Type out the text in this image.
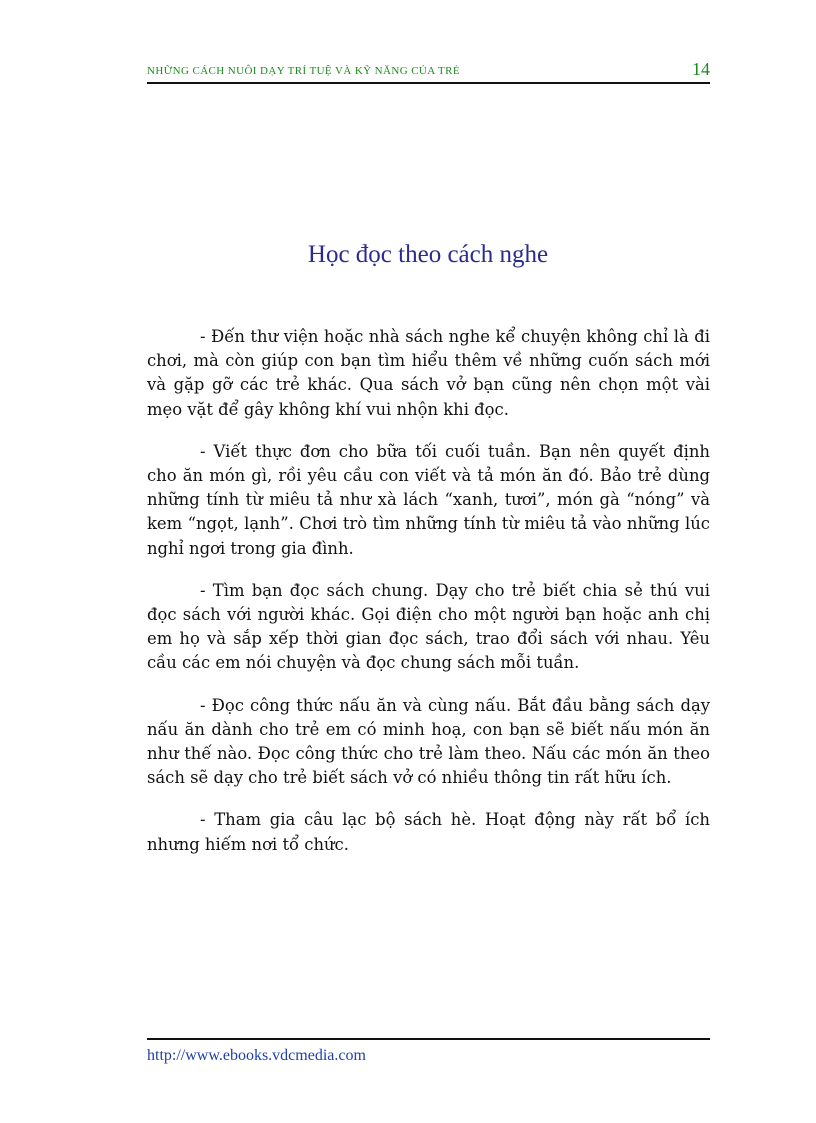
NHỮNG CÁCH NUÔI DẠY TRÍ TUỆ VÀ KỸ NĂNG CỦA TRẺ	14
Học đọc theo cách nghe

- Đến thư viện hoặc nhà sách nghe kể chuyện không chỉ là đi chơi, mà còn giúp con bạn tìm hiểu thêm về những cuốn sách mới và gặp gỡ các trẻ khác. Qua sách vở bạn cũng nên chọn một vài mẹo vặt để gây không khí vui nhộn khi đọc.

- Viết thực đơn cho bữa tối cuối tuần. Bạn nên quyết định cho ăn món gì, rồi yêu cầu con viết và tả món ăn đó. Bảo trẻ dùng những tính từ miêu tả như xà lách “xanh, tươi”, món gà “nóng” và kem “ngọt, lạnh”. Chơi trò tìm những tính từ miêu tả vào những lúc nghỉ ngơi trong gia đình.

- Tìm bạn đọc sách chung. Dạy cho trẻ biết chia sẻ thú vui đọc sách với người khác. Gọi điện cho một người bạn hoặc anh chị em họ và sắp xếp thời gian đọc sách, trao đổi sách với nhau. Yêu cầu các em nói chuyện và đọc chung sách mỗi tuần.

- Đọc công thức nấu ăn và cùng nấu. Bắt đầu bằng sách dạy nấu ăn dành cho trẻ em có minh hoạ, con bạn sẽ biết nấu món ăn như thế nào. Đọc công thức cho trẻ làm theo. Nấu các món ăn theo sách sẽ dạy cho trẻ biết sách vở có nhiều thông tin rất hữu ích.

- Tham gia câu lạc bộ sách hè. Hoạt động này rất bổ ích nhưng hiếm nơi tổ chức.

http://www.ebooks.vdcmedia.com
